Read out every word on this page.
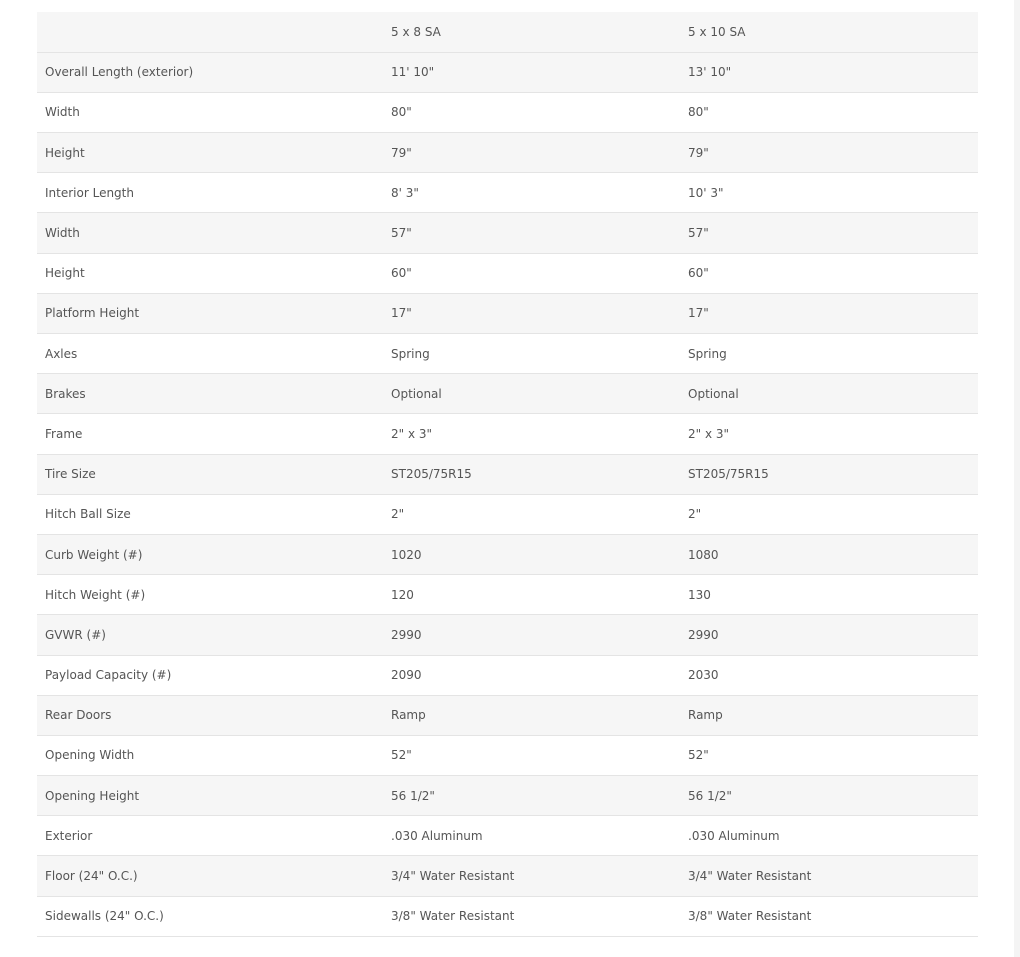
	5 x 8 SA	5 x 10 SA
Overall Length (exterior)	11' 10"	13' 10"
Width	80"	80"
Height	79"	79"
Interior Length	8' 3"	10' 3"
Width	57"	57"
Height	60"	60"
Platform Height	17"	17"
Axles	Spring	Spring
Brakes	Optional	Optional
Frame	2" x 3"	2" x 3"
Tire Size	ST205/75R15	ST205/75R15
Hitch Ball Size	2"	2"
Curb Weight (#)	1020	1080
Hitch Weight (#)	120	130
GVWR (#)	2990	2990
Payload Capacity (#)	2090	2030
Rear Doors	Ramp	Ramp
Opening Width	52"	52"
Opening Height	56 1/2"	56 1/2"
Exterior	.030 Aluminum	.030 Aluminum
Floor (24" O.C.)	3/4" Water Resistant	3/4" Water Resistant
Sidewalls (24" O.C.)	3/8" Water Resistant	3/8" Water Resistant
